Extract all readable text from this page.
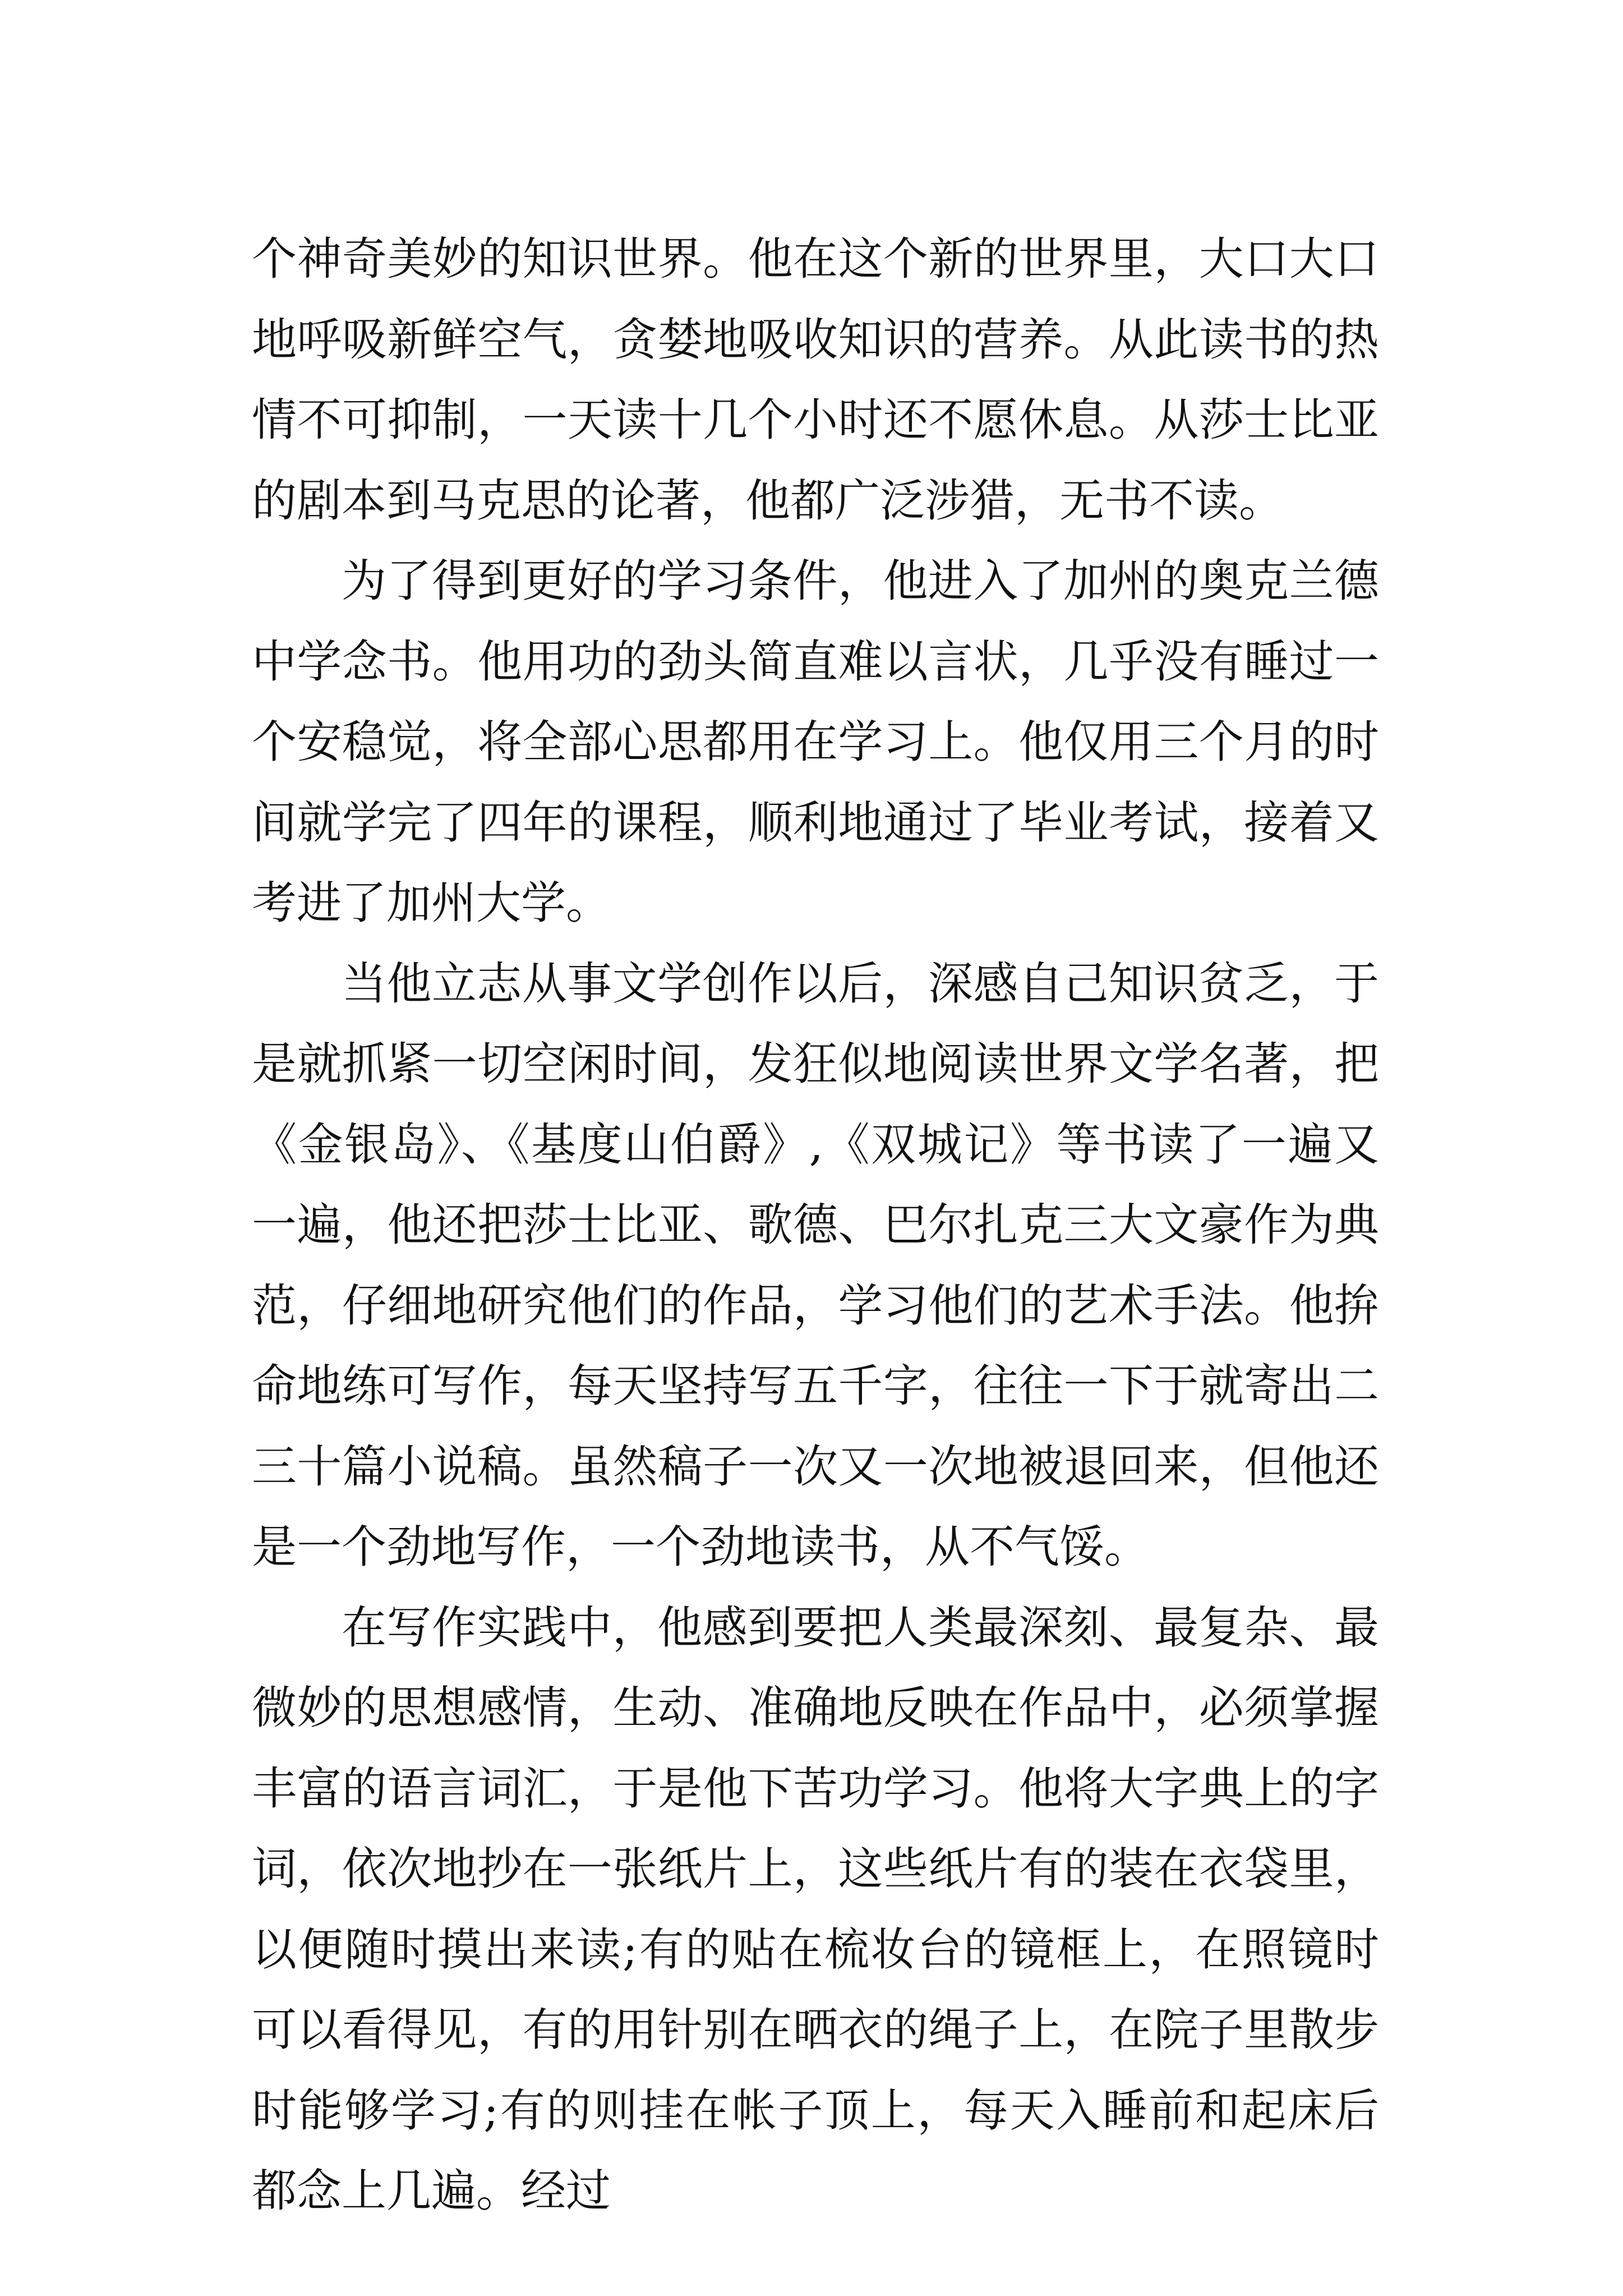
个神奇美妙的知识世界。他在这个新的世界里，大口大口地呼吸新鲜空气，贪婪地吸收知识的营养。从此读书的热情不可抑制，一天读十几个小时还不愿休息。从莎士比亚的剧本到马克思的论著，他都广泛涉猎，无书不读。

为了得到更好的学习条件，他进入了加州的奥克兰德中学念书。他用功的劲头简直难以言状，几乎没有睡过一个安稳觉，将全部心思都用在学习上。他仅用三个月的时间就学完了四年的课程，顺利地通过了毕业考试，接着又考进了加州大学。

当他立志从事文学创作以后，深感自己知识贫乏，于是就抓紧一切空闲时间，发狂似地阅读世界文学名著，把《金银岛》、《基度山伯爵》,《双城记》等书读了一遍又一遍，他还把莎士比亚、歌德、巴尔扎克三大文豪作为典范，仔细地研究他们的作品，学习他们的艺术手法。他拚命地练可写作，每天坚持写五千字，往往一下于就寄出二三十篇小说稿。虽然稿子一次又一次地被退回来，但他还是一个劲地写作，一个劲地读书，从不气馁。

在写作实践中，他感到要把人类最深刻、最复杂、最微妙的思想感情，生动、准确地反映在作品中，必须掌握丰富的语言词汇，于是他下苦功学习。他将大字典上的字词，依次地抄在一张纸片上，这些纸片有的装在衣袋里，以便随时摸出来读;有的贴在梳妆台的镜框上，在照镜时可以看得见，有的用针别在晒衣的绳子上，在院子里散步时能够学习;有的则挂在帐子顶上，每天入睡前和起床后都念上几遍。经过
